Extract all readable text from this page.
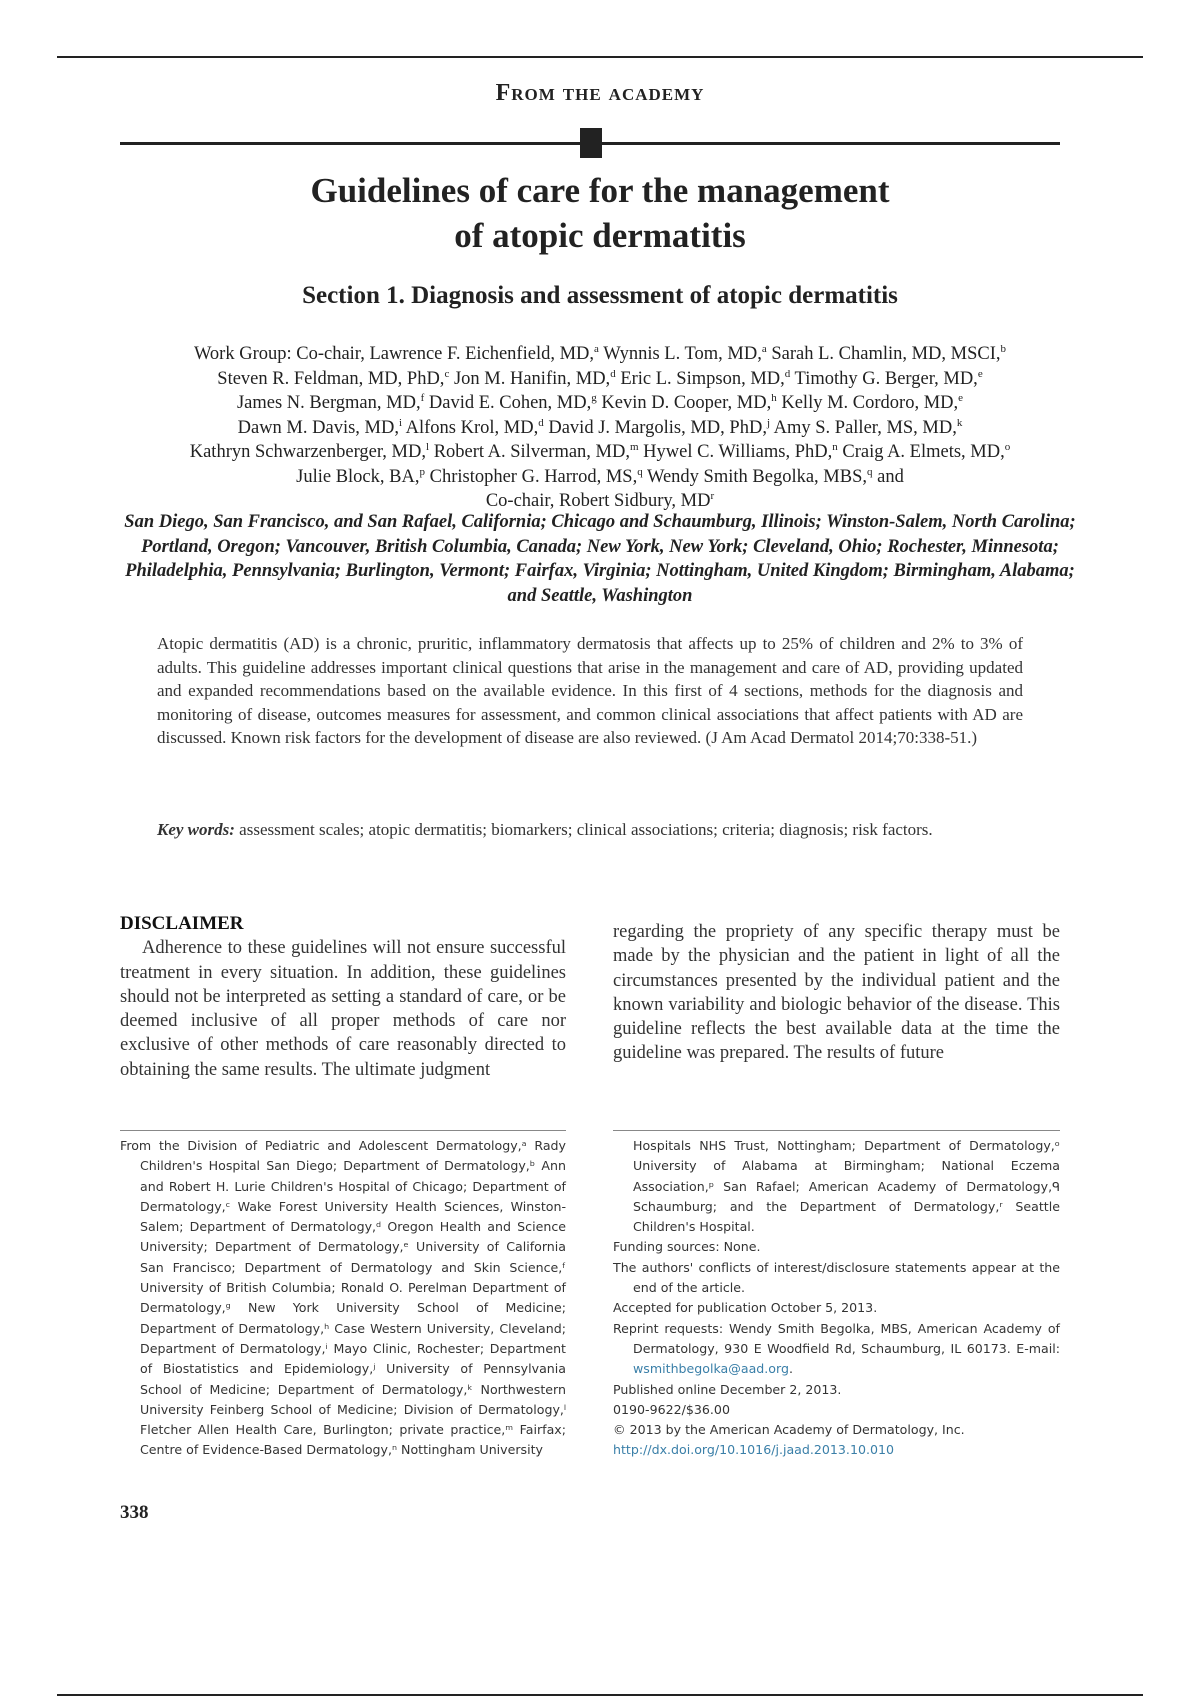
From the academy
Guidelines of care for the management
of atopic dermatitis
Section 1. Diagnosis and assessment of atopic dermatitis
Work Group: Co-chair, Lawrence F. Eichenfield, MD,$^a$ Wynnis L. Tom, MD,$^a$ Sarah L. Chamlin, MD, MSCI,$^b$
Steven R. Feldman, MD, PhD,$^c$ Jon M. Hanifin, MD,$^d$ Eric L. Simpson, MD,$^d$ Timothy G. Berger, MD,$^e$
James N. Bergman, MD,$^f$ David E. Cohen, MD,$^g$ Kevin D. Cooper, MD,$^h$ Kelly M. Cordoro, MD,$^e$
Dawn M. Davis, MD,$^i$ Alfons Krol, MD,$^d$ David J. Margolis, MD, PhD,$^j$ Amy S. Paller, MS, MD,$^k$
Kathryn Schwarzenberger, MD,$^l$ Robert A. Silverman, MD,$^m$ Hywel C. Williams, PhD,$^n$ Craig A. Elmets, MD,$^o$
Julie Block, BA,$^p$ Christopher G. Harrod, MS,$^q$ Wendy Smith Begolka, MBS,$^q$ and
Co-chair, Robert Sidbury, $MD^r$
San Diego, San Francisco, and San Rafael, California; Chicago and Schaumburg, Illinois; Winston-Salem, North Carolina; Portland, Oregon; Vancouver, British Columbia, Canada; New York, New York; Cleveland, Ohio; Rochester, Minnesota; Philadelphia, Pennsylvania; Burlington, Vermont; Fairfax, Virginia; Nottingham, United Kingdom; Birmingham, Alabama; and Seattle, Washington
Atopic dermatitis (AD) is a chronic, pruritic, inflammatory dermatosis that affects up to 25% of children and 2% to 3% of adults. This guideline addresses important clinical questions that arise in the management and care of AD, providing updated and expanded recommendations based on the available evidence. In this first of 4 sections, methods for the diagnosis and monitoring of disease, outcomes measures for assessment, and common clinical associations that affect patients with AD are discussed. Known risk factors for the development of disease are also reviewed. (J Am Acad Dermatol 2014;70:338-51.)
Key words: assessment scales; atopic dermatitis; biomarkers; clinical associations; criteria; diagnosis; risk factors.
DISCLAIMER
Adherence to these guidelines will not ensure successful treatment in every situation. In addition, these guidelines should not be interpreted as setting a standard of care, or be deemed inclusive of all proper methods of care nor exclusive of other methods of care reasonably directed to obtaining the same results. The ultimate judgment
regarding the propriety of any specific therapy must be made by the physician and the patient in light of all the circumstances presented by the individual patient and the known variability and biologic behavior of the disease. This guideline reflects the best available data at the time the guideline was prepared. The results of future

From the Division of Pediatric and Adolescent Dermatology,ᵃ Rady Children's Hospital San Diego; Department of Dermatology,ᵇ Ann and Robert H. Lurie Children's Hospital of Chicago; Department of Dermatology,ᶜ Wake Forest University Health Sciences, Winston-Salem; Department of Dermatology,ᵈ Oregon Health and Science University; Department of Dermatology,ᵉ University of California San Francisco; Department of Dermatology and Skin Science,ᶠ University of British Columbia; Ronald O. Perelman Department of Dermatology,ᵍ New York University School of Medicine; Department of Dermatology,ʰ Case Western University, Cleveland; Department of Dermatology,ⁱ Mayo Clinic, Rochester; Department of Biostatistics and Epidemiology,ʲ University of Pennsylvania School of Medicine; Department of Dermatology,ᵏ Northwestern University Feinberg School of Medicine; Division of Dermatology,ˡ Fletcher Allen Health Care, Burlington; private practice,ᵐ Fairfax; Centre of Evidence-Based Dermatology,ⁿ Nottingham University

Hospitals NHS Trust, Nottingham; Department of Dermatology,ᵒ University of Alabama at Birmingham; National Eczema Association,ᵖ San Rafael; American Academy of Dermatology,ᑫ Schaumburg; and the Department of Dermatology,ʳ Seattle Children's Hospital.

Funding sources: None.

The authors' conflicts of interest/disclosure statements appear at the end of the article.

Accepted for publication October 5, 2013.

Reprint requests: Wendy Smith Begolka, MBS, American Academy of Dermatology, 930 E Woodfield Rd, Schaumburg, IL 60173. E-mail: wsmithbegolka@aad.org.

Published online December 2, 2013.

0190-9622/$36.00

© 2013 by the American Academy of Dermatology, Inc.

http://dx.doi.org/10.1016/j.jaad.2013.10.010

338
